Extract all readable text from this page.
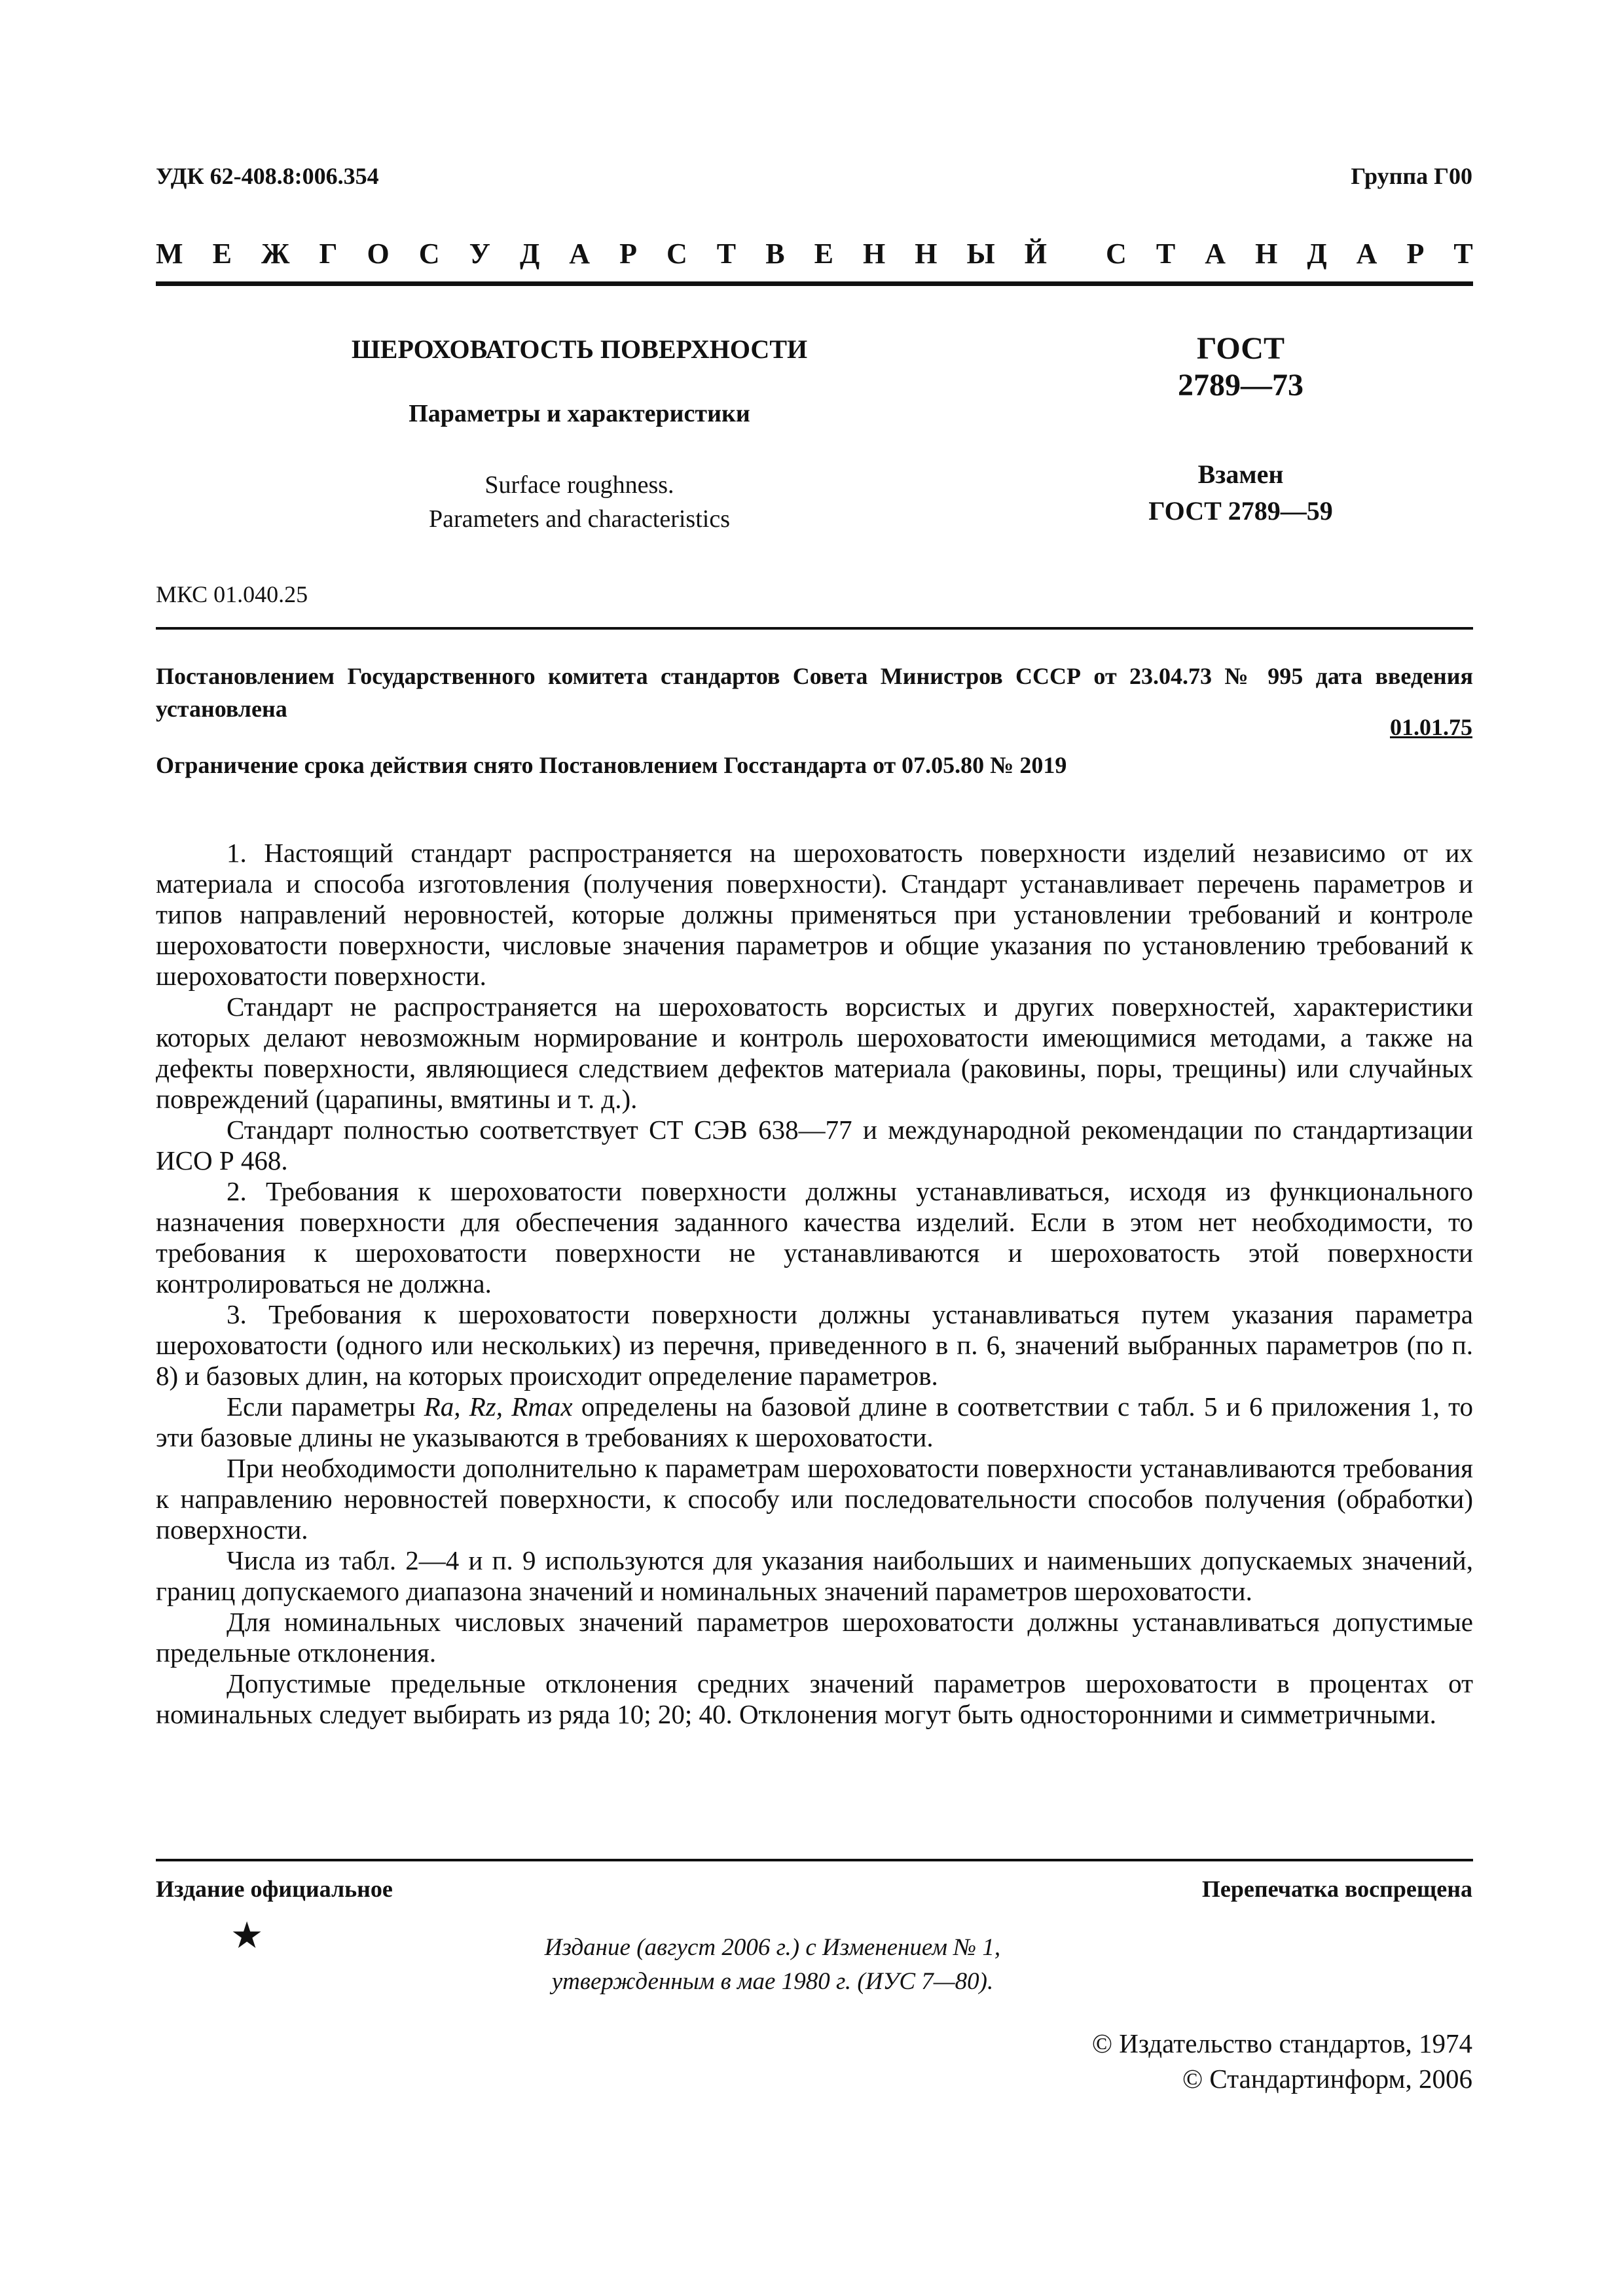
УДК 62-408.8:006.354	Группа Г00
М Е Ж Г О С У Д А Р С Т В Е Н Н Ы Й С Т А Н Д А Р Т
ШЕРОХОВАТОСТЬ ПОВЕРХНОСТИ
Параметры и характеристики
Surface roughness.
Parameters and characteristics
ГОСТ
2789—73
Взамен
ГОСТ 2789—59
МКС 01.040.25
Постановлением Государственного комитета стандартов Совета Министров СССР от 23.04.73 № 995 дата введения установлена
01.01.75
Ограничение срока действия снято Постановлением Госстандарта от 07.05.80 № 2019

1. Настоящий стандарт распространяется на шероховатость поверхности изделий независимо от их материала и способа изготовления (получения поверхности). Стандарт устанавливает перечень параметров и типов направлений неровностей, которые должны применяться при установлении требований и контроле шероховатости поверхности, числовые значения параметров и общие указания по установлению требований к шероховатости поверхности.

Стандарт не распространяется на шероховатость ворсистых и других поверхностей, характеристики которых делают невозможным нормирование и контроль шероховатости имеющимися методами, а также на дефекты поверхности, являющиеся следствием дефектов материала (раковины, поры, трещины) или случайных повреждений (царапины, вмятины и т. д.).

Стандарт полностью соответствует СТ СЭВ 638—77 и международной рекомендации по стандартизации ИСО Р 468.

2. Требования к шероховатости поверхности должны устанавливаться, исходя из функционального назначения поверхности для обеспечения заданного качества изделий. Если в этом нет необходимости, то требования к шероховатости поверхности не устанавливаются и шероховатость этой поверхности контролироваться не должна.

3. Требования к шероховатости поверхности должны устанавливаться путем указания параметра шероховатости (одного или нескольких) из перечня, приведенного в п. 6, значений выбранных параметров (по п. 8) и базовых длин, на которых происходит определение параметров.

Если параметры Ra, Rz, Rmax определены на базовой длине в соответствии с табл. 5 и 6 приложения 1, то эти базовые длины не указываются в требованиях к шероховатости.

При необходимости дополнительно к параметрам шероховатости поверхности устанавливаются требования к направлению неровностей поверхности, к способу или последовательности способов получения (обработки) поверхности.

Числа из табл. 2—4 и п. 9 используются для указания наибольших и наименьших допускаемых значений, границ допускаемого диапазона значений и номинальных значений параметров шероховатости.

Для номинальных числовых значений параметров шероховатости должны устанавливаться допустимые предельные отклонения.

Допустимые предельные отклонения средних значений параметров шероховатости в процентах от номинальных следует выбирать из ряда 10; 20; 40. Отклонения могут быть односторонними и симметричными.

Издание официальное	Перепечатка воспрещена
★	Издание (август 2006 г.) с Изменением № 1,
утвержденным в мае 1980 г. (ИУС 7—80).
© Издательство стандартов, 1974
© Стандартинформ, 2006
